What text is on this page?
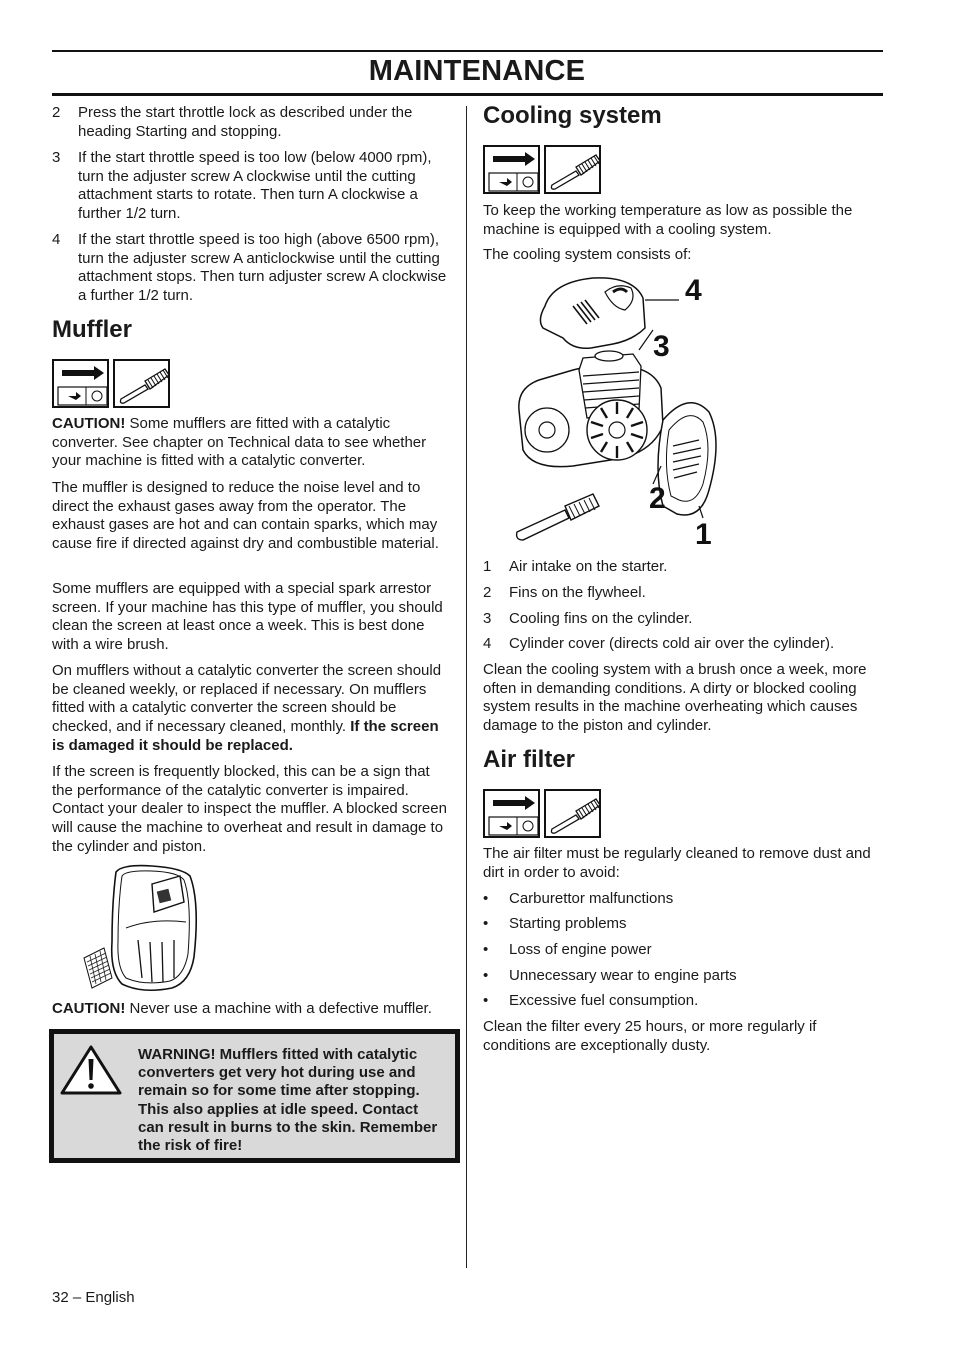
MAINTENANCE
2 Press the start throttle lock as described under the heading Starting and stopping.

3 If the start throttle speed is too low (below 4000 rpm), turn the adjuster screw A clockwise until the cutting attachment starts to rotate. Then turn A clockwise a further 1/2 turn.

4 If the start throttle speed is too high (above 6500 rpm), turn the adjuster screw A anticlockwise until the cutting attachment stops. Then turn adjuster screw A clockwise a further 1/2 turn.

Muffler

CAUTION! Some mufflers are fitted with a catalytic converter. See chapter on Technical data to see whether your machine is fitted with a catalytic converter.

The muffler is designed to reduce the noise level and to direct the exhaust gases away from the operator. The exhaust gases are hot and can contain sparks, which may cause fire if directed against dry and combustible material.

Some mufflers are equipped with a special spark arrestor screen. If your machine has this type of muffler, you should clean the screen at least once a week. This is best done with a wire brush.

On mufflers without a catalytic converter the screen should be cleaned weekly, or replaced if necessary. On mufflers fitted with a catalytic converter the screen should be checked, and if necessary cleaned, monthly. If the screen is damaged it should be replaced.

If the screen is frequently blocked, this can be a sign that the performance of the catalytic converter is impaired. Contact your dealer to inspect the muffler. A blocked screen will cause the machine to overheat and result in damage to the cylinder and piston.

CAUTION! Never use a machine with a defective muffler.

WARNING! Mufflers fitted with catalytic converters get very hot during use and remain so for some time after stopping. This also applies at idle speed. Contact can result in burns to the skin. Remember the risk of fire!
Cooling system

To keep the working temperature as low as possible the machine is equipped with a cooling system.

The cooling system consists of:

4
3
2
1
1 Air intake on the starter.
2 Fins on the flywheel.
3 Cooling fins on the cylinder.
4 Cylinder cover (directs cold air over the cylinder).

Clean the cooling system with a brush once a week, more often in demanding conditions. A dirty or blocked cooling system results in the machine overheating which causes damage to the piston and cylinder.

Air filter

The air filter must be regularly cleaned to remove dust and dirt in order to avoid:

• Carburettor malfunctions
• Starting problems
• Loss of engine power
• Unnecessary wear to engine parts
• Excessive fuel consumption.

Clean the filter every 25 hours, or more regularly if conditions are exceptionally dusty.

32 – English
